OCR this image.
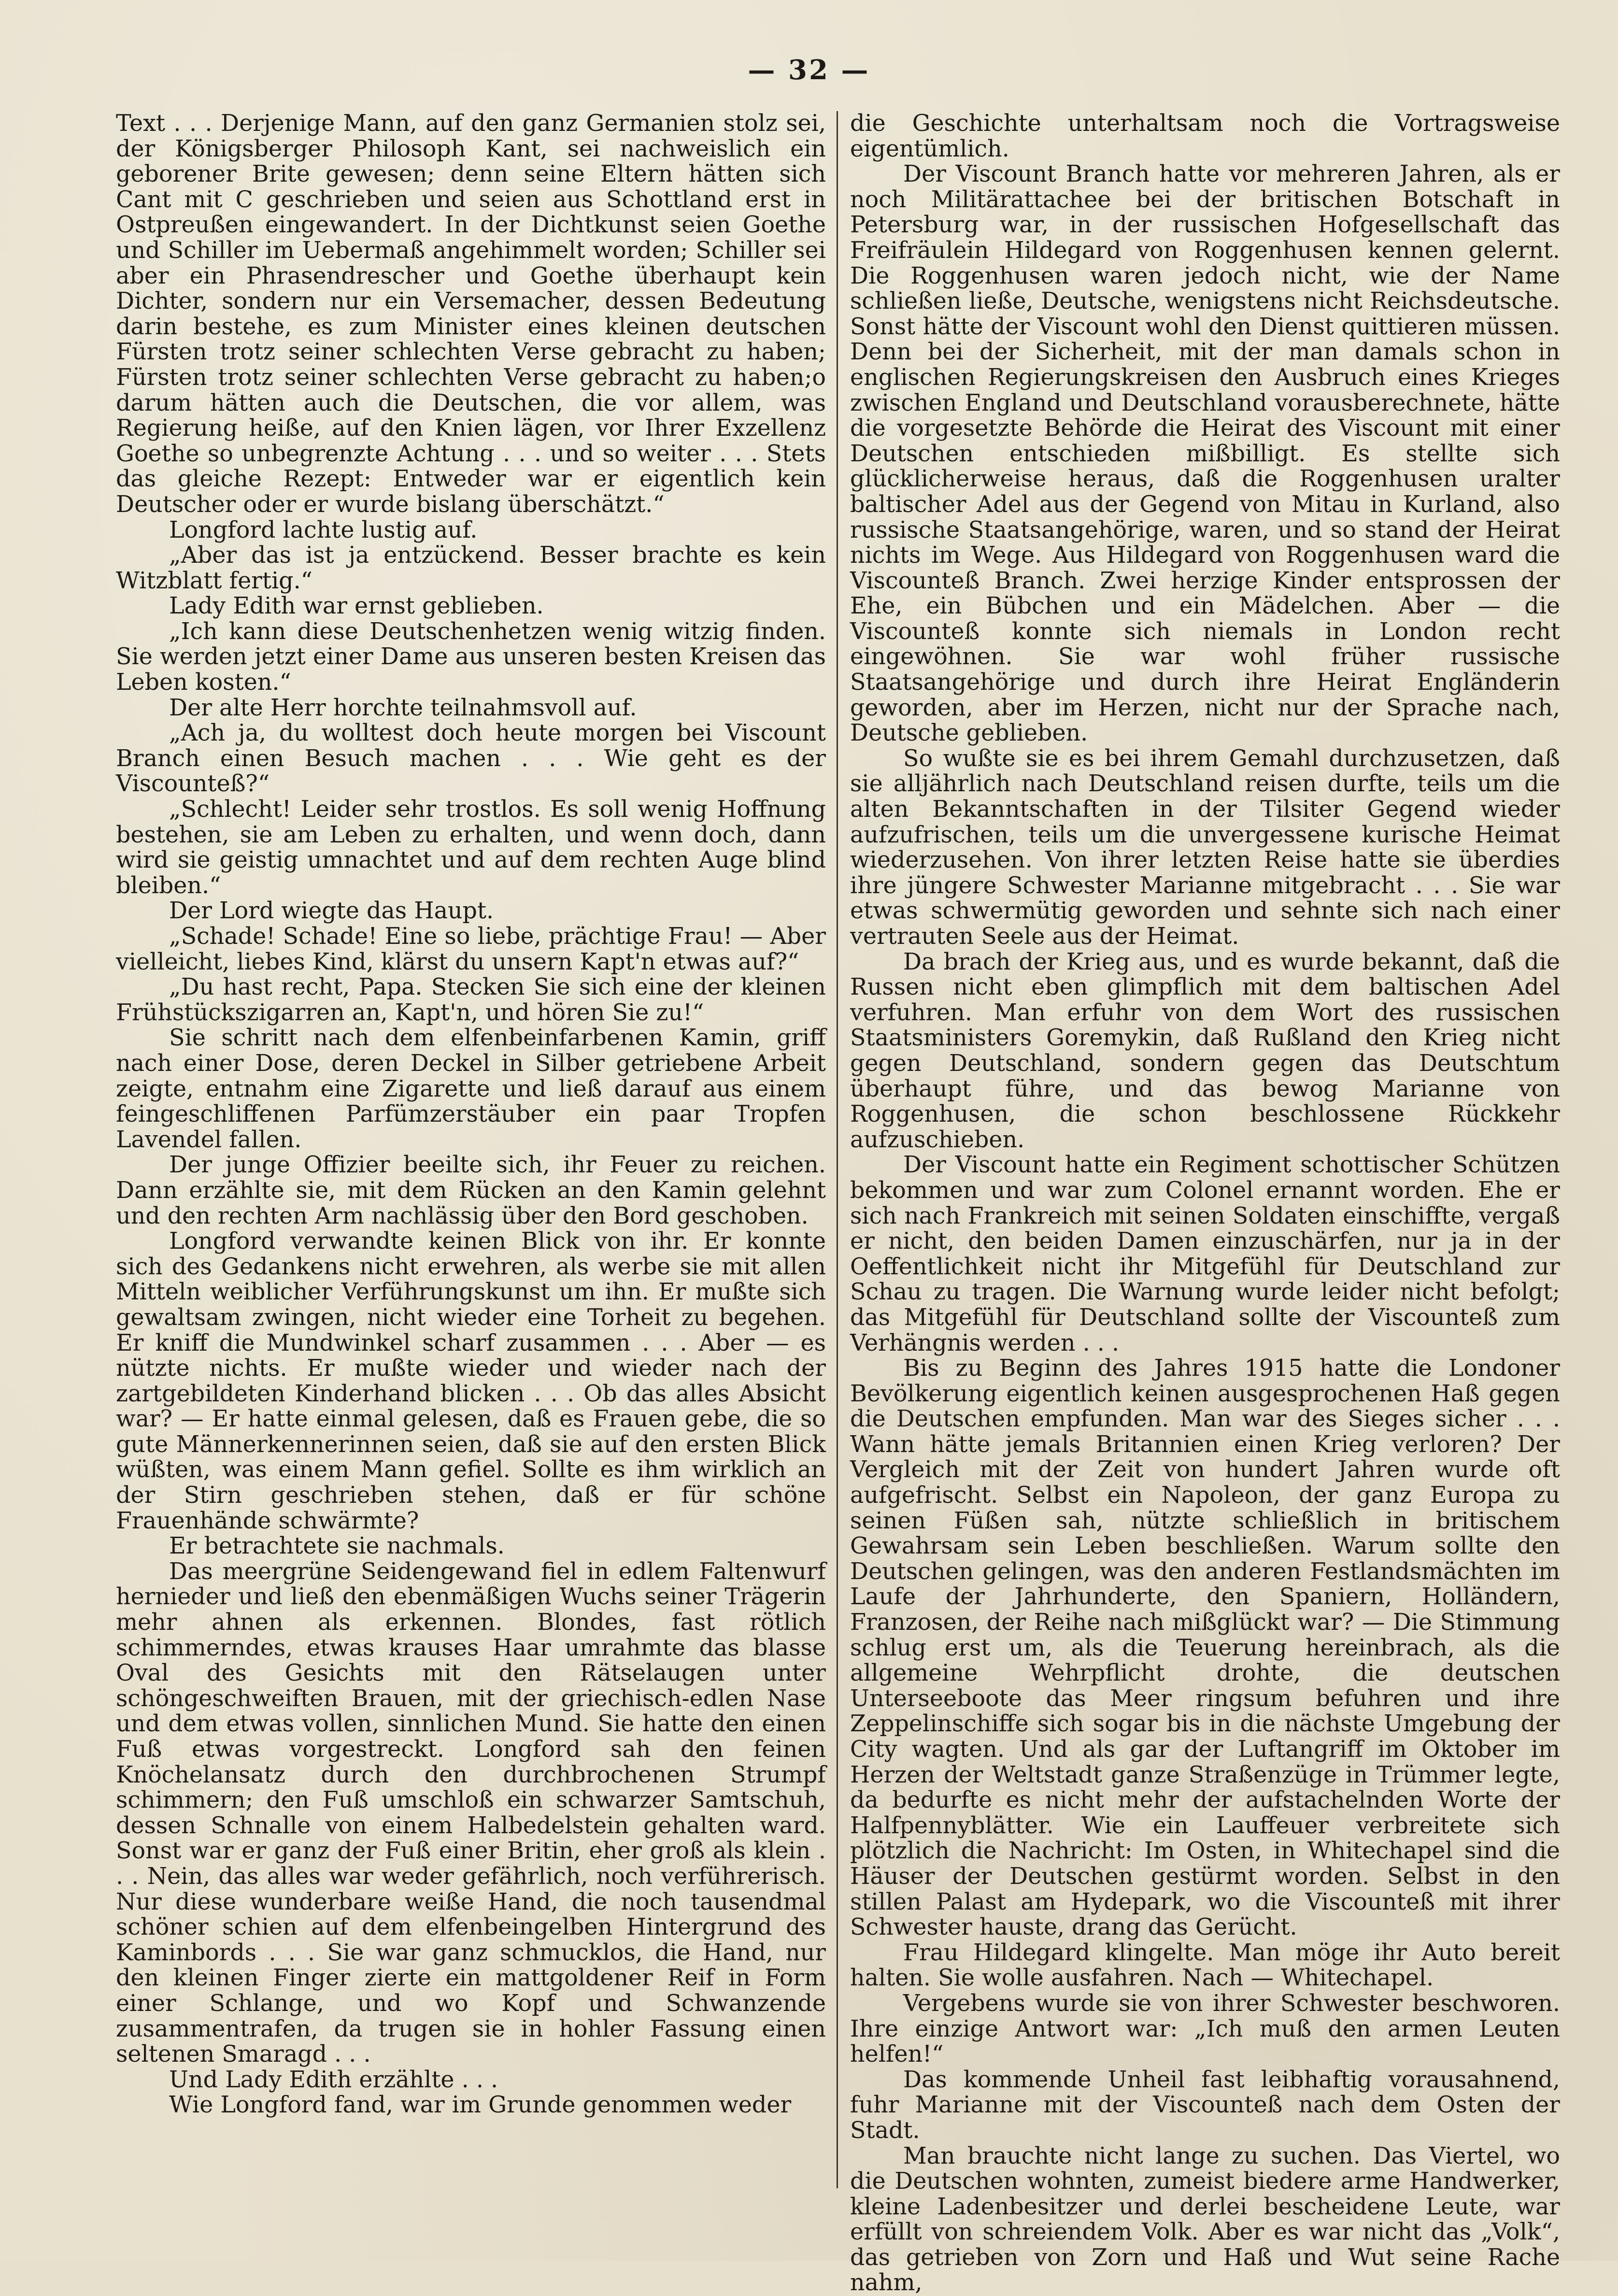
— 32 —

Text . . . Derjenige Mann, auf den ganz Germanien stolz sei, der Königsberger Philosoph Kant, sei nachweislich ein geborener Brite gewesen; denn seine Eltern hätten sich Cant mit C geschrieben und seien aus Schottland erst in Ostpreußen eingewandert. In der Dichtkunst seien Goethe und Schiller im Uebermaß angehimmelt worden; Schiller sei aber ein Phrasendrescher und Goethe überhaupt kein Dichter, sondern nur ein Versemacher, dessen Bedeutung darin bestehe, es zum Minister eines kleinen deutschen Fürsten trotz seiner schlechten Verse gebracht zu haben; Fürsten trotz seiner schlechten Verse gebracht zu haben;o darum hätten auch die Deutschen, die vor allem, was Regierung heiße, auf den Knien lägen, vor Ihrer Exzellenz Goethe so unbegrenzte Achtung . . . und so weiter . . . Stets das gleiche Rezept: Entweder war er eigentlich kein Deutscher oder er wurde bislang überschätzt.“

Longford lachte lustig auf.

„Aber das ist ja entzückend. Besser brachte es kein Witzblatt fertig.“

Lady Edith war ernst geblieben.

„Ich kann diese Deutschenhetzen wenig witzig finden. Sie werden jetzt einer Dame aus unseren besten Kreisen das Leben kosten.“

Der alte Herr horchte teilnahmsvoll auf.

„Ach ja, du wolltest doch heute morgen bei Viscount Branch einen Besuch machen . . . Wie geht es der Viscounteß?“

„Schlecht! Leider sehr trostlos. Es soll wenig Hoffnung bestehen, sie am Leben zu erhalten, und wenn doch, dann wird sie geistig umnachtet und auf dem rechten Auge blind bleiben.“

Der Lord wiegte das Haupt.

„Schade! Schade! Eine so liebe, prächtige Frau! — Aber vielleicht, liebes Kind, klärst du unsern Kapt'n etwas auf?“

„Du hast recht, Papa. Stecken Sie sich eine der kleinen Frühstückszigarren an, Kapt'n, und hören Sie zu!“

Sie schritt nach dem elfenbeinfarbenen Kamin, griff nach einer Dose, deren Deckel in Silber getriebene Arbeit zeigte, entnahm eine Zigarette und ließ darauf aus einem feingeschliffenen Parfümzerstäuber ein paar Tropfen Lavendel fallen.

Der junge Offizier beeilte sich, ihr Feuer zu reichen. Dann erzählte sie, mit dem Rücken an den Kamin gelehnt und den rechten Arm nachlässig über den Bord geschoben.

Longford verwandte keinen Blick von ihr. Er konnte sich des Gedankens nicht erwehren, als werbe sie mit allen Mitteln weiblicher Verführungskunst um ihn. Er mußte sich gewaltsam zwingen, nicht wieder eine Torheit zu begehen. Er kniff die Mundwinkel scharf zusammen . . . Aber — es nützte nichts. Er mußte wieder und wieder nach der zartgebildeten Kinderhand blicken . . . Ob das alles Absicht war? — Er hatte einmal gelesen, daß es Frauen gebe, die so gute Männerkennerinnen seien, daß sie auf den ersten Blick wüßten, was einem Mann gefiel. Sollte es ihm wirklich an der Stirn geschrieben stehen, daß er für schöne Frauenhände schwärmte?

Er betrachtete sie nachmals.

Das meergrüne Seidengewand fiel in edlem Faltenwurf hernieder und ließ den ebenmäßigen Wuchs seiner Trägerin mehr ahnen als erkennen. Blondes, fast rötlich schimmerndes, etwas krauses Haar umrahmte das blasse Oval des Gesichts mit den Rätselaugen unter schöngeschweiften Brauen, mit der griechisch-edlen Nase und dem etwas vollen, sinnlichen Mund. Sie hatte den einen Fuß etwas vorgestreckt. Longford sah den feinen Knöchelansatz durch den durchbrochenen Strumpf schimmern; den Fuß umschloß ein schwarzer Samtschuh, dessen Schnalle von einem Halbedelstein gehalten ward. Sonst war er ganz der Fuß einer Britin, eher groß als klein . . . Nein, das alles war weder gefährlich, noch verführerisch. Nur diese wunderbare weiße Hand, die noch tausendmal schöner schien auf dem elfenbeingelben Hintergrund des Kaminbords . . . Sie war ganz schmucklos, die Hand, nur den kleinen Finger zierte ein mattgoldener Reif in Form einer Schlange, und wo Kopf und Schwanzende zusammentrafen, da trugen sie in hohler Fassung einen seltenen Smaragd . . .

Und Lady Edith erzählte . . .

Wie Longford fand, war im Grunde genommen weder

die Geschichte unterhaltsam noch die Vortragsweise eigentümlich.

Der Viscount Branch hatte vor mehreren Jahren, als er noch Militärattachee bei der britischen Botschaft in Petersburg war, in der russischen Hofgesellschaft das Freifräulein Hildegard von Roggenhusen kennen gelernt. Die Roggenhusen waren jedoch nicht, wie der Name schließen ließe, Deutsche, wenigstens nicht Reichsdeutsche. Sonst hätte der Viscount wohl den Dienst quittieren müssen. Denn bei der Sicherheit, mit der man damals schon in englischen Regierungskreisen den Ausbruch eines Krieges zwischen England und Deutschland vorausberechnete, hätte die vorgesetzte Behörde die Heirat des Viscount mit einer Deutschen entschieden mißbilligt. Es stellte sich glücklicherweise heraus, daß die Roggenhusen uralter baltischer Adel aus der Gegend von Mitau in Kurland, also russische Staatsangehörige, waren, und so stand der Heirat nichts im Wege. Aus Hildegard von Roggenhusen ward die Viscounteß Branch. Zwei herzige Kinder entsprossen der Ehe, ein Bübchen und ein Mädelchen. Aber — die Viscounteß konnte sich niemals in London recht eingewöhnen. Sie war wohl früher russische Staatsangehörige und durch ihre Heirat Engländerin geworden, aber im Herzen, nicht nur der Sprache nach, Deutsche geblieben.

So wußte sie es bei ihrem Gemahl durchzusetzen, daß sie alljährlich nach Deutschland reisen durfte, teils um die alten Bekanntschaften in der Tilsiter Gegend wieder aufzufrischen, teils um die unvergessene kurische Heimat wiederzusehen. Von ihrer letzten Reise hatte sie überdies ihre jüngere Schwester Marianne mitgebracht . . . Sie war etwas schwermütig geworden und sehnte sich nach einer vertrauten Seele aus der Heimat.

Da brach der Krieg aus, und es wurde bekannt, daß die Russen nicht eben glimpflich mit dem baltischen Adel verfuhren. Man erfuhr von dem Wort des russischen Staatsministers Goremykin, daß Rußland den Krieg nicht gegen Deutschland, sondern gegen das Deutschtum überhaupt führe, und das bewog Marianne von Roggenhusen, die schon beschlossene Rückkehr aufzuschieben.

Der Viscount hatte ein Regiment schottischer Schützen bekommen und war zum Colonel ernannt worden. Ehe er sich nach Frankreich mit seinen Soldaten einschiffte, vergaß er nicht, den beiden Damen einzuschärfen, nur ja in der Oeffentlichkeit nicht ihr Mitgefühl für Deutschland zur Schau zu tragen. Die Warnung wurde leider nicht befolgt; das Mitgefühl für Deutschland sollte der Viscounteß zum Verhängnis werden . . .

Bis zu Beginn des Jahres 1915 hatte die Londoner Bevölkerung eigentlich keinen ausgesprochenen Haß gegen die Deutschen empfunden. Man war des Sieges sicher . . . Wann hätte jemals Britannien einen Krieg verloren? Der Vergleich mit der Zeit von hundert Jahren wurde oft aufgefrischt. Selbst ein Napoleon, der ganz Europa zu seinen Füßen sah, nützte schließlich in britischem Gewahrsam sein Leben beschließen. Warum sollte den Deutschen gelingen, was den anderen Festlandsmächten im Laufe der Jahrhunderte, den Spaniern, Holländern, Franzosen, der Reihe nach mißglückt war? — Die Stimmung schlug erst um, als die Teuerung hereinbrach, als die allgemeine Wehrpflicht drohte, die deutschen Unterseeboote das Meer ringsum befuhren und ihre Zeppelinschiffe sich sogar bis in die nächste Umgebung der City wagten. Und als gar der Luftangriff im Oktober im Herzen der Weltstadt ganze Straßenzüge in Trümmer legte, da bedurfte es nicht mehr der aufstachelnden Worte der Halfpennyblätter. Wie ein Lauffeuer verbreitete sich plötzlich die Nachricht: Im Osten, in Whitechapel sind die Häuser der Deutschen gestürmt worden. Selbst in den stillen Palast am Hydepark, wo die Viscounteß mit ihrer Schwester hauste, drang das Gerücht.

Frau Hildegard klingelte. Man möge ihr Auto bereit halten. Sie wolle ausfahren. Nach — Whitechapel.

Vergebens wurde sie von ihrer Schwester beschworen. Ihre einzige Antwort war: „Ich muß den armen Leuten helfen!“

Das kommende Unheil fast leibhaftig vorausahnend, fuhr Marianne mit der Viscounteß nach dem Osten der Stadt.

Man brauchte nicht lange zu suchen. Das Viertel, wo die Deutschen wohnten, zumeist biedere arme Handwerker, kleine Ladenbesitzer und derlei bescheidene Leute, war erfüllt von schreiendem Volk. Aber es war nicht das „Volk“, das getrieben von Zorn und Haß und Wut seine Rache nahm,
